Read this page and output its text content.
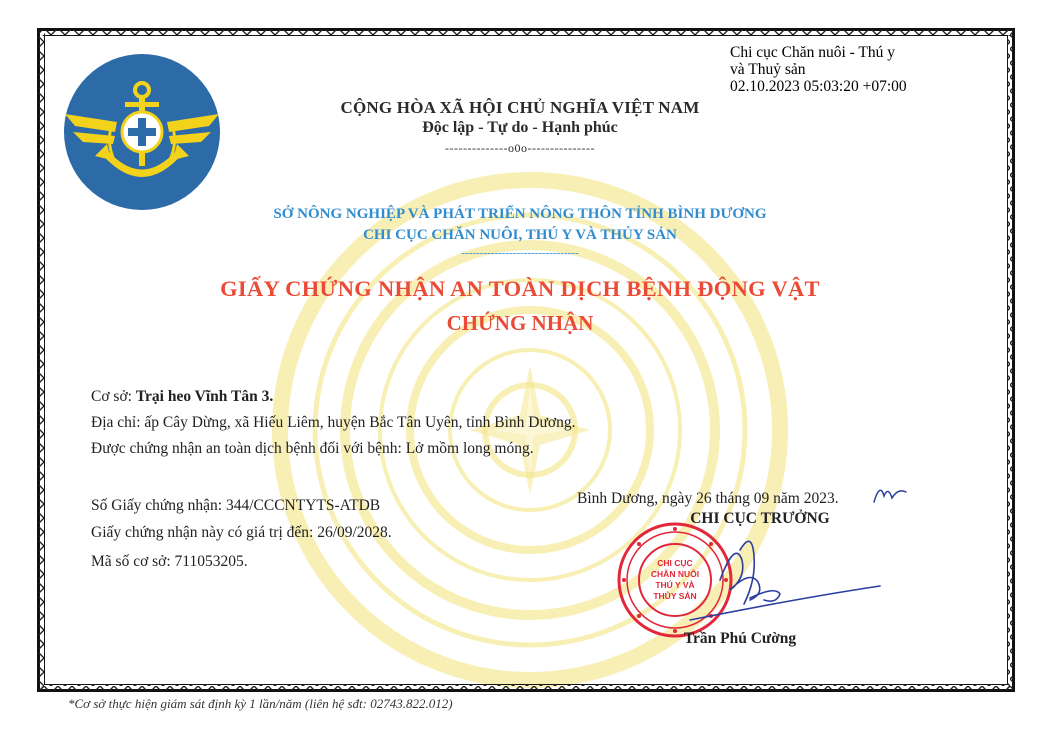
Chi cục Chăn nuôi - Thú y
và Thuỷ sản
02.10.2023 05:03:20 +07:00
CỘNG HÒA XÃ HỘI CHỦ NGHĨA VIỆT NAM
Độc lập - Tự do - Hạnh phúc
--------------o0o---------------
SỞ NÔNG NGHIỆP VÀ PHÁT TRIỂN NÔNG THÔN TỈNH BÌNH DƯƠNG
CHI CỤC CHĂN NUÔI, THÚ Y VÀ THỦY SẢN
--------------------------------
GIẤY CHỨNG NHẬN AN TOÀN DỊCH BỆNH ĐỘNG VẬT
CHỨNG NHẬN
Cơ sở: Trại heo Vĩnh Tân 3.
Địa chỉ: ấp Cây Dừng, xã Hiếu Liêm, huyện Bắc Tân Uyên, tỉnh Bình Dương.
Được chứng nhận an toàn dịch bệnh đối với bệnh: Lở mồm long móng.
Số Giấy chứng nhận: 344/CCCNTYTS-ATDB
Giấy chứng nhận này có giá trị đến: 26/09/2028.
Mã số cơ sở: 711053205.
Bình Dương, ngày 26 tháng 09 năm 2023.
CHI CỤC
CHĂN NUÔI
THÚ Y VÀ
THỦY SẢN
CHI CỤC TRƯỞNG
Trần Phú Cường
*Cơ sở thực hiện giám sát định kỳ 1 lần/năm (liên hệ sđt: 02743.822.012)
